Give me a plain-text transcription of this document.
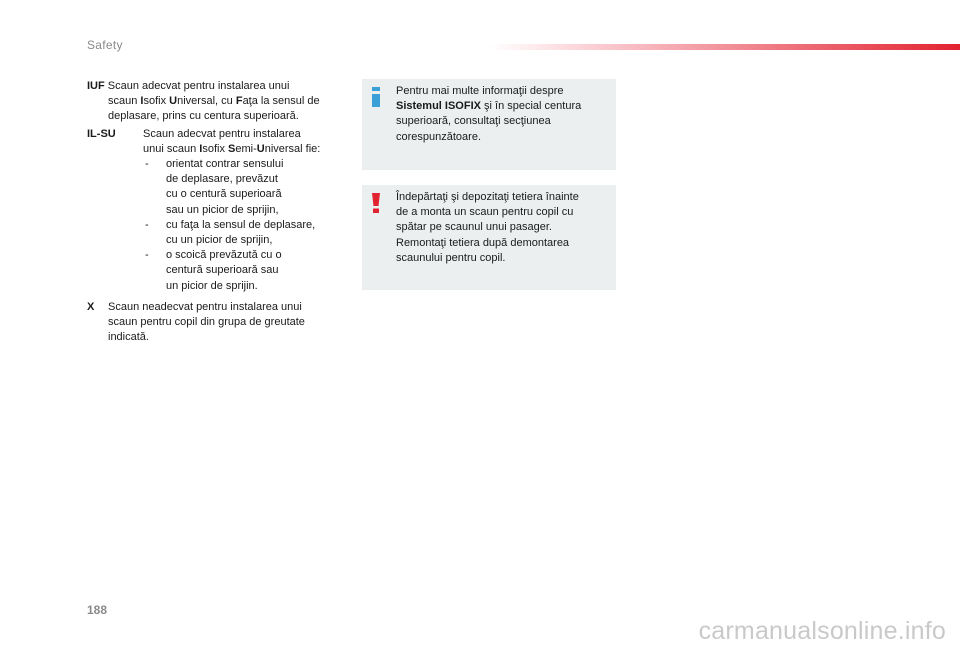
Safety
IUF Scaun adecvat pentru instalarea unui
scaun Isofix Universal, cu Faţa la sensul de
deplasare, prins cu centura superioară.
IL-SU Scaun adecvat pentru instalarea
unui scaun Isofix Semi-Universal fie:
- orientat contrar sensului
de deplasare, prevăzut
cu o centură superioară
sau un picior de sprijin,
- cu faţa la sensul de deplasare,
cu un picior de sprijin,
- o scoică prevăzută cu o
centură superioară sau
un picior de sprijin.
X Scaun neadecvat pentru instalarea unui
scaun pentru copil din grupa de greutate
indicată.
Pentru mai multe informaţii despre
Sistemul ISOFIX şi în special centura
superioară, consultaţi secţiunea
corespunzătoare.
Îndepărtaţi şi depozitaţi tetiera înainte
de a monta un scaun pentru copil cu
spătar pe scaunul unui pasager.
Remontaţi tetiera după demontarea
scaunului pentru copil.
188
carmanualsonline.info
